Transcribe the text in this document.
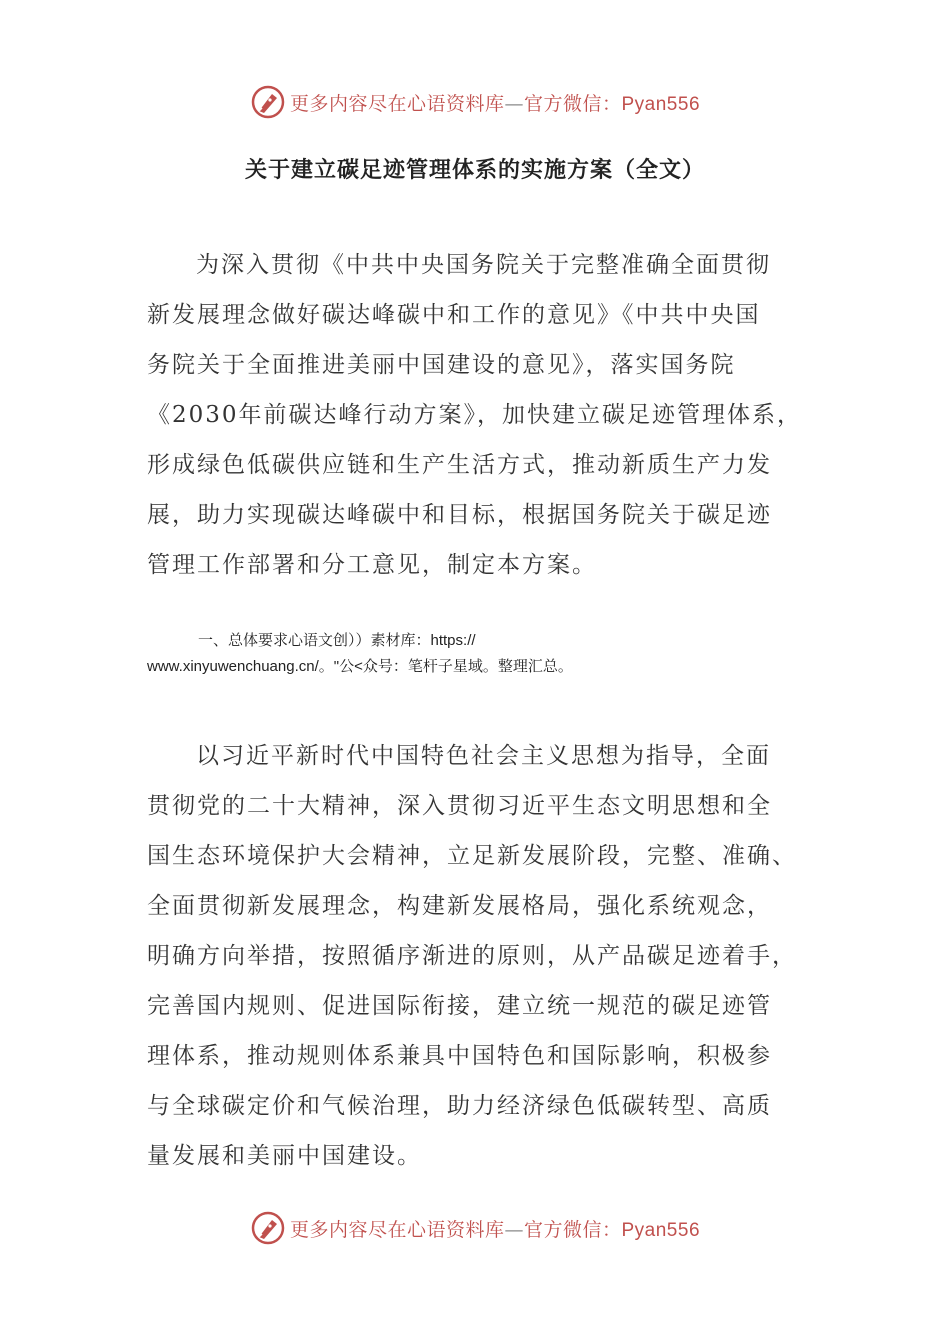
更多内容尽在心语资料库—官方微信：Pyan556
关于建立碳足迹管理体系的实施方案（全文）
为深入贯彻《中共中央国务院关于完整准确全面贯彻
新发展理念做好碳达峰碳中和工作的意见》《中共中央国
务院关于全面推进美丽中国建设的意见》，落实国务院
《2030年前碳达峰行动方案》，加快建立碳足迹管理体系，
形成绿色低碳供应链和生产生活方式，推动新质生产力发
展，助力实现碳达峰碳中和目标，根据国务院关于碳足迹
管理工作部署和分工意见，制定本方案。
一、总体要求心语文创））素材库：https://
www.xinyuwenchuang.cn/。"公<众号：笔杆子星域。整理汇总。
以习近平新时代中国特色社会主义思想为指导，全面
贯彻党的二十大精神，深入贯彻习近平生态文明思想和全
国生态环境保护大会精神，立足新发展阶段，完整、准确、
全面贯彻新发展理念，构建新发展格局，强化系统观念，
明确方向举措，按照循序渐进的原则，从产品碳足迹着手，
完善国内规则、促进国际衔接，建立统一规范的碳足迹管
理体系，推动规则体系兼具中国特色和国际影响，积极参
与全球碳定价和气候治理，助力经济绿色低碳转型、高质
量发展和美丽中国建设。
更多内容尽在心语资料库—官方微信：Pyan556
